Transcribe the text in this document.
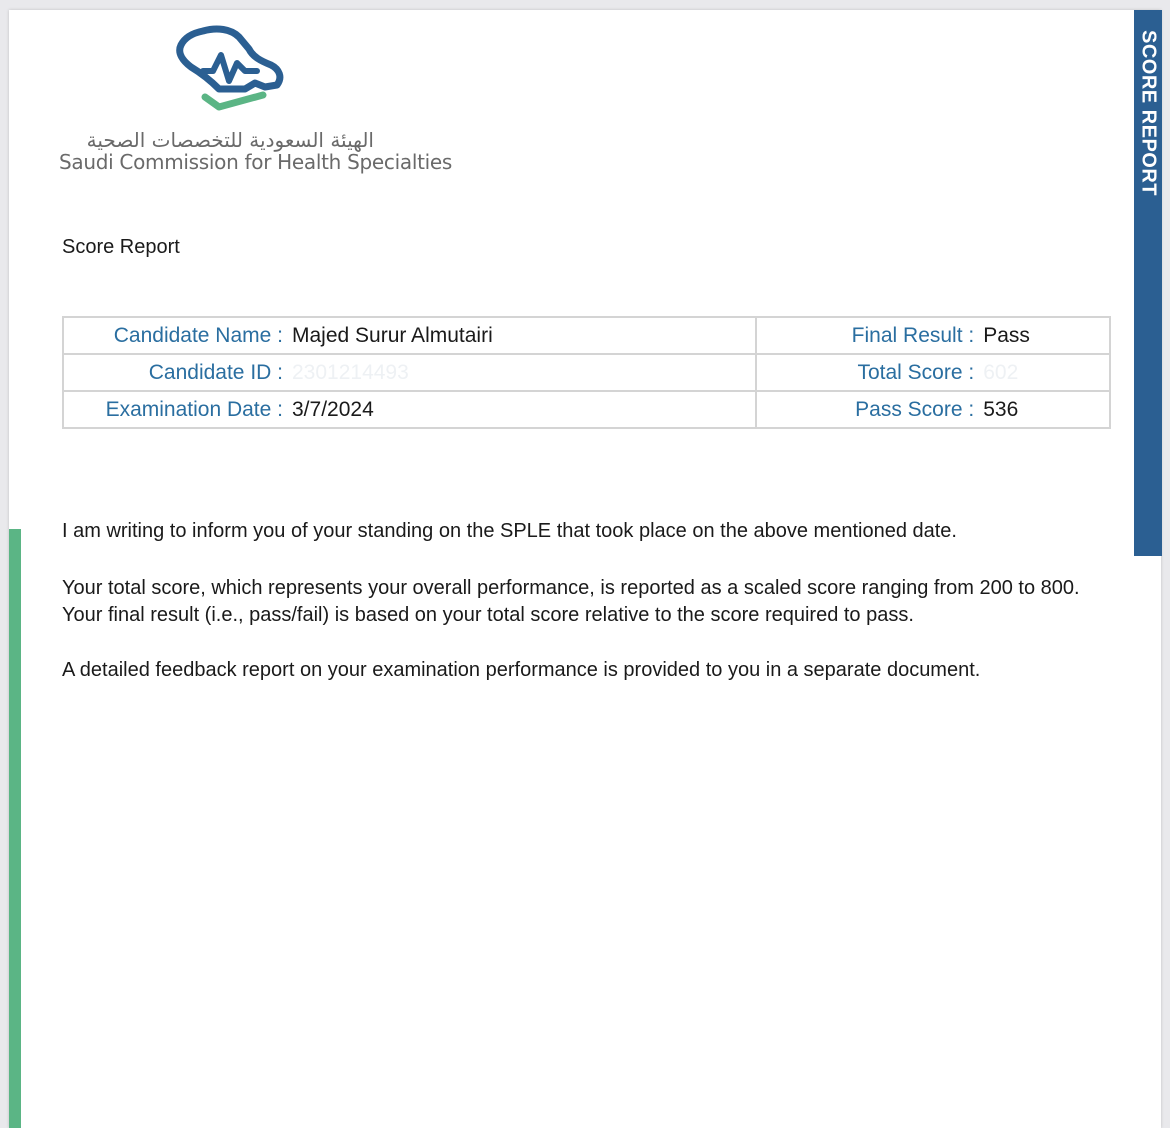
SCORE REPORT
الهيئة السعودية للتخصصات الصحية
Saudi Commission for Health Specialties
Score Report
Candidate Name : Majed Surur Almutairi	Final Result : Pass
Candidate ID : 2301214493	Total Score : 602
Examination Date : 3/7/2024	Pass Score : 536
I am writing to inform you of your standing on the SPLE that took place on the above mentioned date.
Your total score, which represents your overall performance, is reported as a scaled score ranging from 200 to 800. Your final result (i.e., pass/fail) is based on your total score relative to the score required to pass.
A detailed feedback report on your examination performance is provided to you in a separate document.
